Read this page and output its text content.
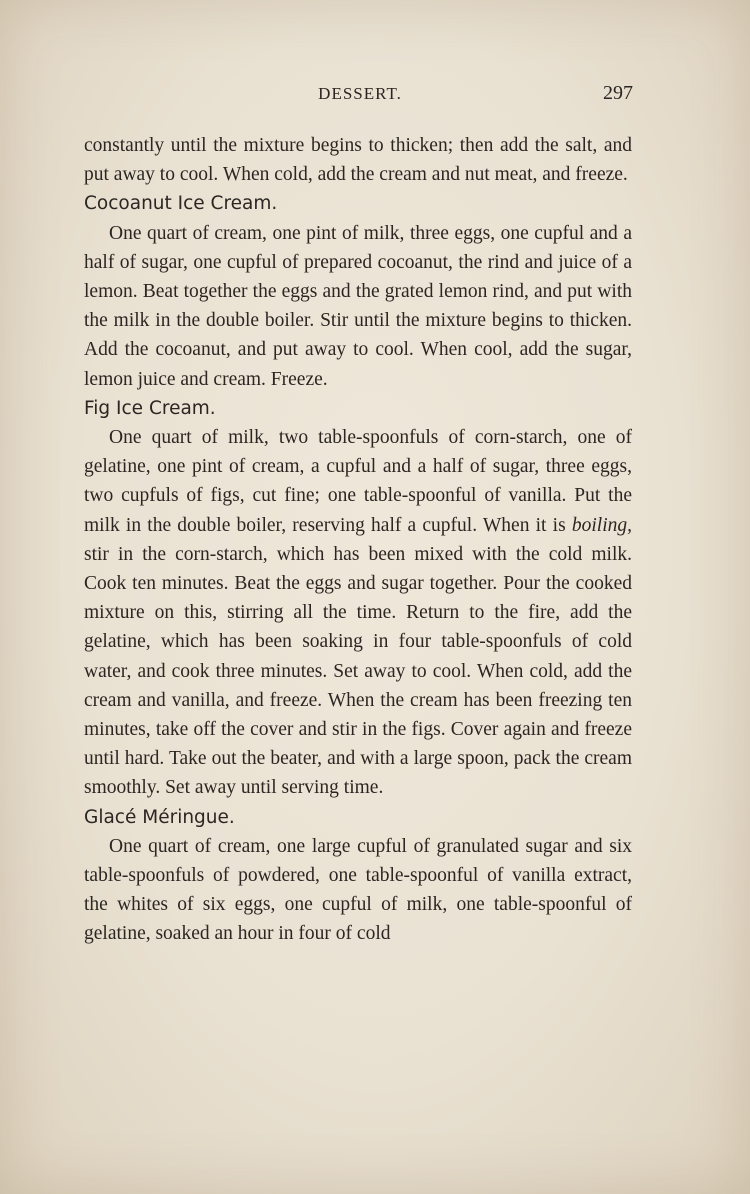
DESSERT.	297

constantly until the mixture begins to thicken; then add the salt, and put away to cool. When cold, add the cream and nut meat, and freeze.

Cocoanut Ice Cream.

One quart of cream, one pint of milk, three eggs, one cupful and a half of sugar, one cupful of prepared cocoanut, the rind and juice of a lemon. Beat together the eggs and the grated lemon rind, and put with the milk in the double boiler. Stir until the mixture begins to thicken. Add the cocoanut, and put away to cool. When cool, add the sugar, lemon juice and cream. Freeze.

Fig Ice Cream.

One quart of milk, two table-spoonfuls of corn-starch, one of gelatine, one pint of cream, a cupful and a half of sugar, three eggs, two cupfuls of figs, cut fine; one table-spoonful of vanilla. Put the milk in the double boiler, reserving half a cupful. When it is boiling, stir in the corn-starch, which has been mixed with the cold milk. Cook ten minutes. Beat the eggs and sugar together. Pour the cooked mixture on this, stirring all the time. Return to the fire, add the gelatine, which has been soaking in four table-spoonfuls of cold water, and cook three minutes. Set away to cool. When cold, add the cream and vanilla, and freeze. When the cream has been freezing ten minutes, take off the cover and stir in the figs. Cover again and freeze until hard. Take out the beater, and with a large spoon, pack the cream smoothly. Set away until serving time.

Glacé Méringue.

One quart of cream, one large cupful of granulated sugar and six table-spoonfuls of powdered, one table-spoonful of vanilla extract, the whites of six eggs, one cupful of milk, one table-spoonful of gelatine, soaked an hour in four of cold
